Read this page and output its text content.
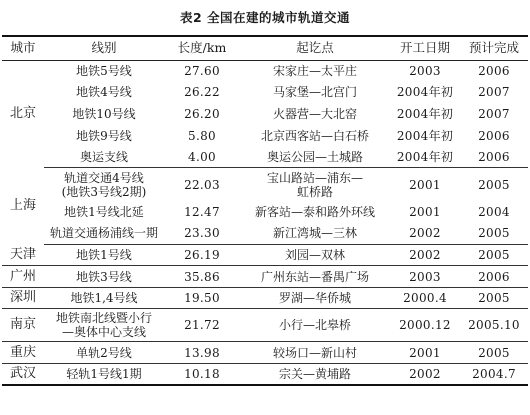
表2 全国在建的城市轨道交通
城市	线别	长度/km	起讫点	开工日期	预计完成
北京	地铁5号线	27.60	宋家庄—太平庄	2003	2006

	地铁4号线	26.22	马家堡—北宫门	2004年初	2007

	地铁10号线	26.20	火器营—大北窑	2004年初	2007

	地铁9号线	5.80	北京西客站—白石桥	2004年初	2006

	奥运支线	4.00	奥运公园—土城路	2004年初	2006

上海	轨道交通4号线
(地铁3号线2期)	22.03	宝山路站—浦东—
虹桥路	2001	2005

	地铁1号线北延	12.47	新客站—泰和路外环线	2001	2004

	轨道交通杨浦线一期	23.30	新江湾城—三林	2002	2005

天津	地铁1号线	26.19	刘园—双林	2002	2005

广州	地铁3号线	35.86	广州东站—番禺广场	2003	2006

深圳	地铁1,4号线	19.50	罗湖—华侨城	2000.4	2005

南京	地铁南北线暨小行
—奥体中心支线	21.72	小行—北皋桥	2000.12	2005.10

重庆	单轨2号线	13.98	较场口—新山村	2001	2005

武汉	轻轨1号线1期	10.18	宗关—黄埔路	2002	2004.7
